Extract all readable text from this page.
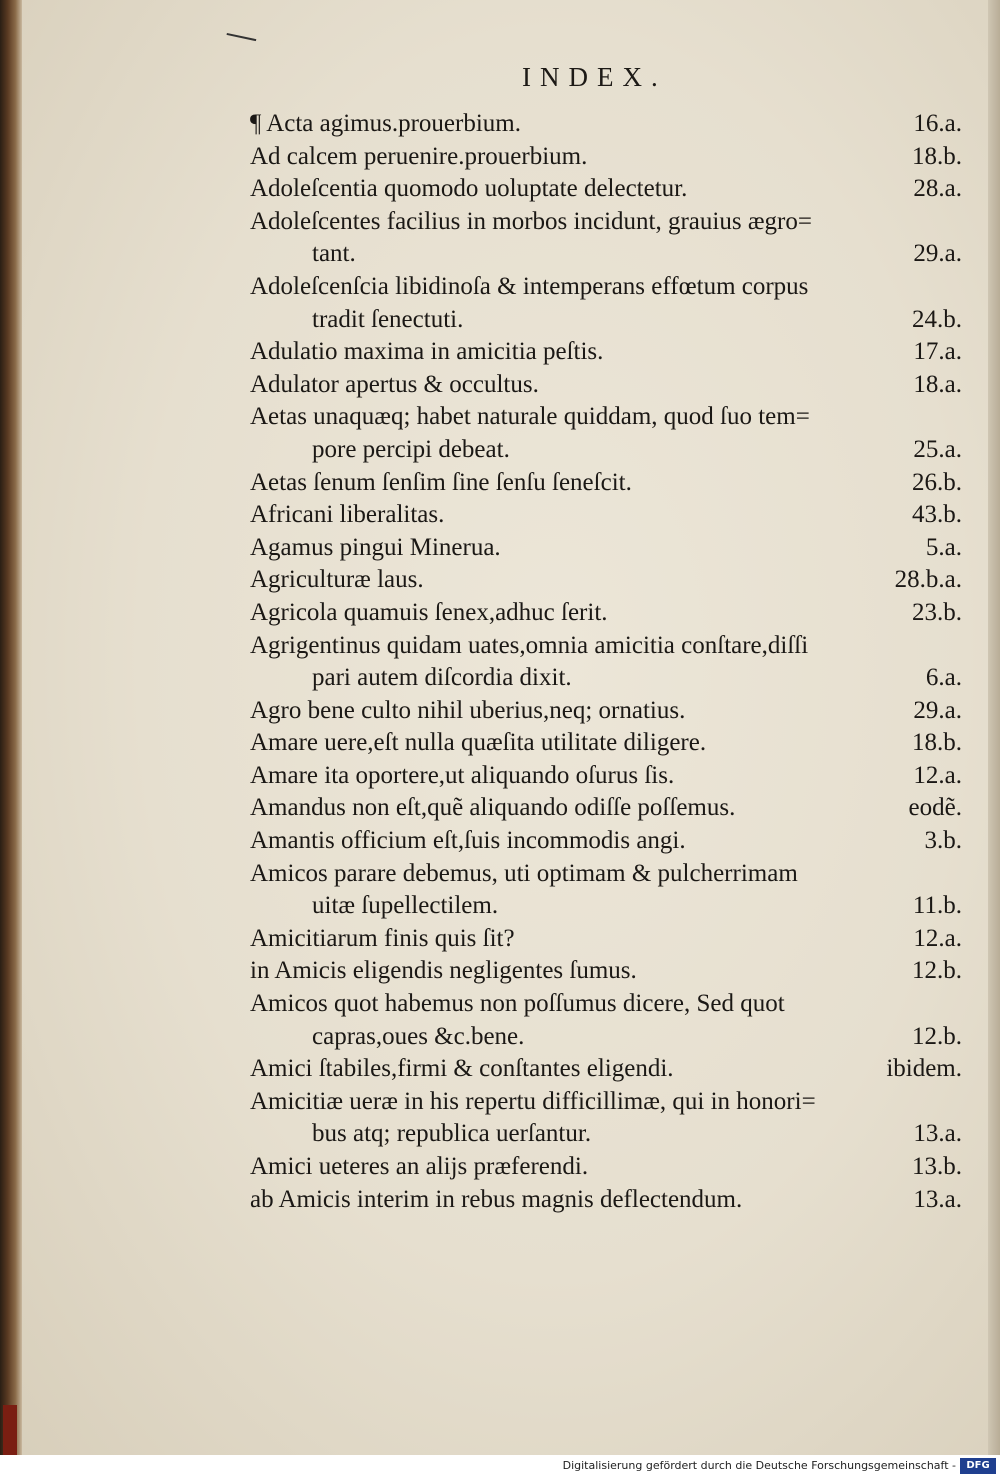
INDEX.
¶ Acta agimus.prouerbium.	16.a.
Ad calcem peruenire.prouerbium.	18.b.
Adoleſcentia quomodo uoluptate delectetur.	28.a.
Adoleſcentes facilius in morbos incidunt, grauius ægro=
tant.	29.a.
Adoleſcenſcia libidinoſa & intemperans effœtum corpus
tradit ſenectuti.	24.b.
Adulatio maxima in amicitia peſtis.	17.a.
Adulator apertus & occultus.	18.a.
Aetas unaquæq; habet naturale quiddam, quod ſuo tem=
pore percipi debeat.	25.a.
Aetas ſenum ſenſim ſine ſenſu ſeneſcit.	26.b.
Africani liberalitas.	43.b.
Agamus pingui Minerua.	5.a.
Agriculturæ laus.	28.b.a.
Agricola quamuis ſenex,adhuc ſerit.	23.b.
Agrigentinus quidam uates,omnia amicitia conſtare,diſſi
pari autem diſcordia dixit.	6.a.
Agro bene culto nihil uberius,neq; ornatius.	29.a.
Amare uere,eſt nulla quæſita utilitate diligere.	18.b.
Amare ita oportere,ut aliquando oſurus ſis.	12.a.
Amandus non eſt,quẽ aliquando odiſſe poſſemus.	eodẽ.
Amantis officium eſt,ſuis incommodis angi.	3.b.
Amicos parare debemus, uti optimam & pulcherrimam
uitæ ſupellectilem.	11.b.
Amicitiarum finis quis ſit?	12.a.
in Amicis eligendis negligentes ſumus.	12.b.
Amicos quot habemus non poſſumus dicere, Sed quot
capras,oues &c.bene.	12.b.
Amici ſtabiles,firmi & conſtantes eligendi.	ibidem.
Amicitiæ ueræ in his repertu difficillimæ, qui in honori=
bus atq; republica uerſantur.	13.a.
Amici ueteres an alijs præferendi.	13.b.
ab Amicis interim in rebus magnis deflectendum.	13.a.
Digitalisierung gefördert durch die Deutsche Forschungsgemeinschaft -	DFG
